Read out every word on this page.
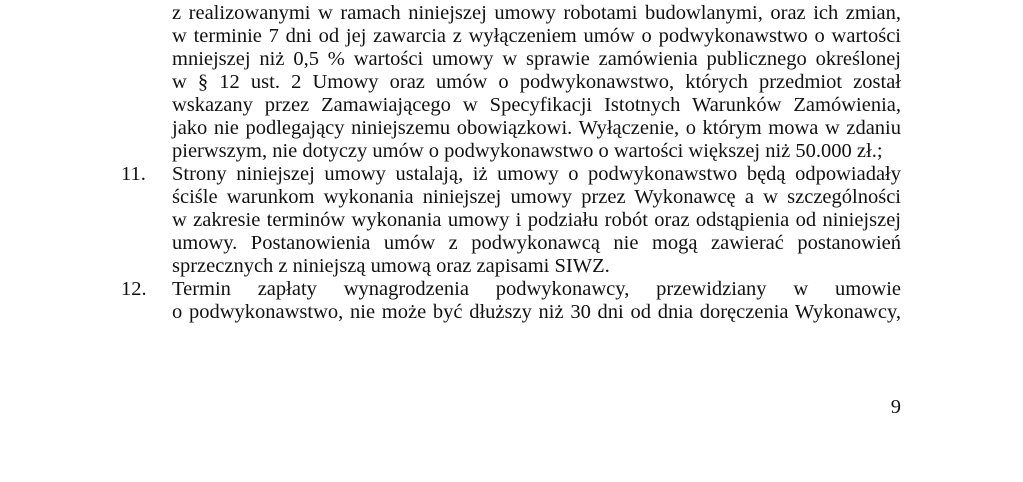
z realizowanymi w ramach niniejszej umowy robotami budowlanymi, oraz ich zmian,
w terminie 7 dni od jej zawarcia z wyłączeniem umów o podwykonawstwo o wartości
mniejszej niż 0,5 % wartości umowy w sprawie zamówienia publicznego określonej
w § 12 ust. 2 Umowy oraz umów o podwykonawstwo, których przedmiot został
wskazany przez Zamawiającego w Specyfikacji Istotnych Warunków Zamówienia,
jako nie podlegający niniejszemu obowiązkowi. Wyłączenie, o którym mowa w zdaniu
pierwszym, nie dotyczy umów o podwykonawstwo o wartości większej niż 50.000 zł.;
11. Strony niniejszej umowy ustalają, iż umowy o podwykonawstwo będą odpowiadały
ściśle warunkom wykonania niniejszej umowy przez Wykonawcę a w szczególności
w zakresie terminów wykonania umowy i podziału robót oraz odstąpienia od niniejszej
umowy. Postanowienia umów z podwykonawcą nie mogą zawierać postanowień
sprzecznych z niniejszą umową oraz zapisami SIWZ.
12. Termin zapłaty wynagrodzenia podwykonawcy, przewidziany w umowie
o podwykonawstwo, nie może być dłuższy niż 30 dni od dnia doręczenia Wykonawcy,
9
